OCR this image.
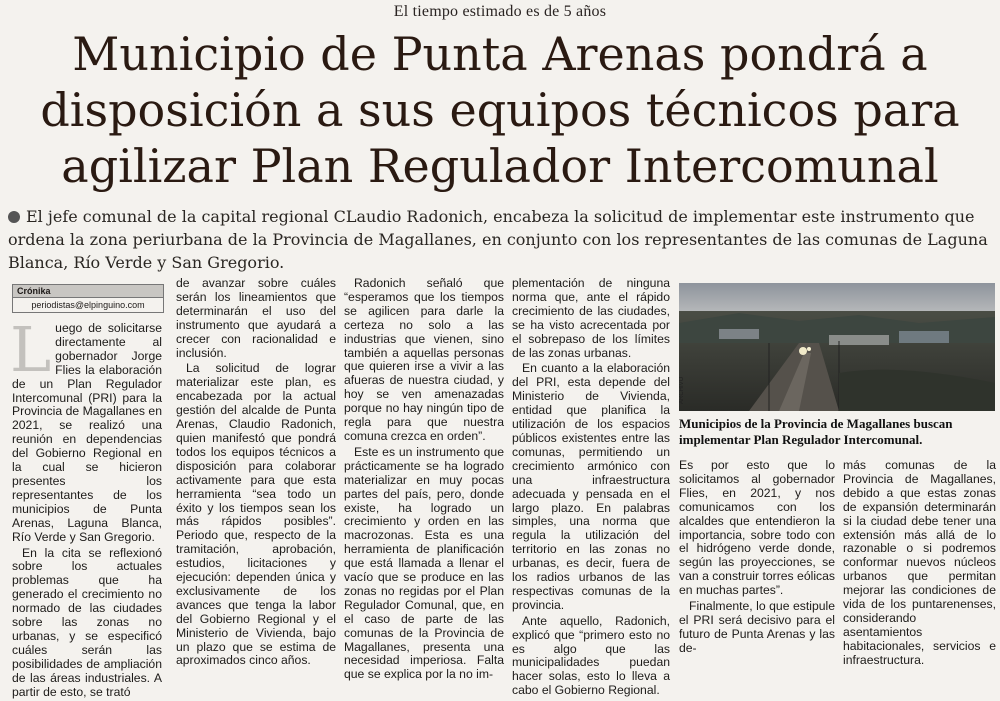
El tiempo estimado es de 5 años
Municipio de Punta Arenas pondrá a
disposición a sus equipos técnicos para
agilizar Plan Regulador Intercomunal
El jefe comunal de la capital regional CLaudio Radonich, encabeza la solicitud de implementar este instrumento que ordena la zona periurbana de la Provincia de Magallanes, en conjunto con los representantes de las comunas de Laguna Blanca, Río Verde y San Gregorio.
Crónika
periodistas@elpinguino.com

Luego de solicitarse directamente al gobernador Jorge Flies la elaboración de un Plan Regulador Intercomunal (PRI) para la Provincia de Magallanes en 2021, se realizó una reunión en dependencias del Gobierno Regional en la cual se hicieron presentes los representantes de los municipios de Punta Arenas, Laguna Blanca, Río Verde y San Gregorio.

En la cita se reflexionó sobre los actuales problemas que ha generado el crecimiento no normado de las ciudades sobre las zonas no urbanas, y se especificó cuáles serán las posibilidades de ampliación de las áreas industriales. A partir de esto, se trató

de avanzar sobre cuáles serán los lineamientos que determinarán el uso del instrumento que ayudará a crecer con racionalidad e inclusión.

La solicitud de lograr materializar este plan, es encabezada por la actual gestión del alcalde de Punta Arenas, Claudio Radonich, quien manifestó que pondrá todos los equipos técnicos a disposición para colaborar activamente para que esta herramienta “sea todo un éxito y los tiempos sean los más rápidos posibles”. Periodo que, respecto de la tramitación, aprobación, estudios, licitaciones y ejecución: dependen única y exclusivamente de los avances que tenga la labor del Gobierno Regional y el Ministerio de Vivienda, bajo un plazo que se estima de aproximados cinco años.

Radonich señaló que “esperamos que los tiempos se agilicen para darle la certeza no solo a las industrias que vienen, sino también a aquellas personas que quieren irse a vivir a las afueras de nuestra ciudad, y hoy se ven amenazadas porque no hay ningún tipo de regla para que nuestra comuna crezca en orden”.

Este es un instrumento que prácticamente se ha logrado materializar en muy pocas partes del país, pero, donde existe, ha logrado un crecimiento y orden en las macrozonas. Esta es una herramienta de planificación que está llamada a llenar el vacío que se produce en las zonas no regidas por el Plan Regulador Comunal, que, en el caso de parte de las comunas de la Provincia de Magallanes, presenta una necesidad imperiosa. Falta que se explica por la no im-

plementación de ninguna norma que, ante el rápido crecimiento de las ciudades, se ha visto acrecentada por el sobrepaso de los límites de las zonas urbanas.

En cuanto a la elaboración del PRI, esta depende del Ministerio de Vivienda, entidad que planifica la utilización de los espacios públicos existentes entre las comunas, permitiendo un crecimiento armónico con una infraestructura adecuada y pensada en el largo plazo. En palabras simples, una norma que regula la utilización del territorio en las zonas no urbanas, es decir, fuera de los radios urbanos de las respectivas comunas de la provincia.

Ante aquello, Radonich, explicó que “primero esto no es algo que las municipalidades puedan hacer solas, esto lo lleva a cabo el Gobierno Regional.

ARCHIVO
Municipios de la Provincia de Magallanes buscan implementar Plan Regulador Intercomunal.

Es por esto que lo solicitamos al gobernador Flies, en 2021, y nos comunicamos con los alcaldes que entendieron la importancia, sobre todo con el hidrógeno verde donde, según las proyecciones, se van a construir torres eólicas en muchas partes”.

Finalmente, lo que estipule el PRI será decisivo para el futuro de Punta Arenas y las de-

más comunas de la Provincia de Magallanes, debido a que estas zonas de expansión determinarán si la ciudad debe tener una extensión más allá de lo razonable o si podremos conformar nuevos núcleos urbanos que permitan mejorar las condiciones de vida de los puntarenenses, considerando asentamientos habitacionales, servicios e infraestructura.
